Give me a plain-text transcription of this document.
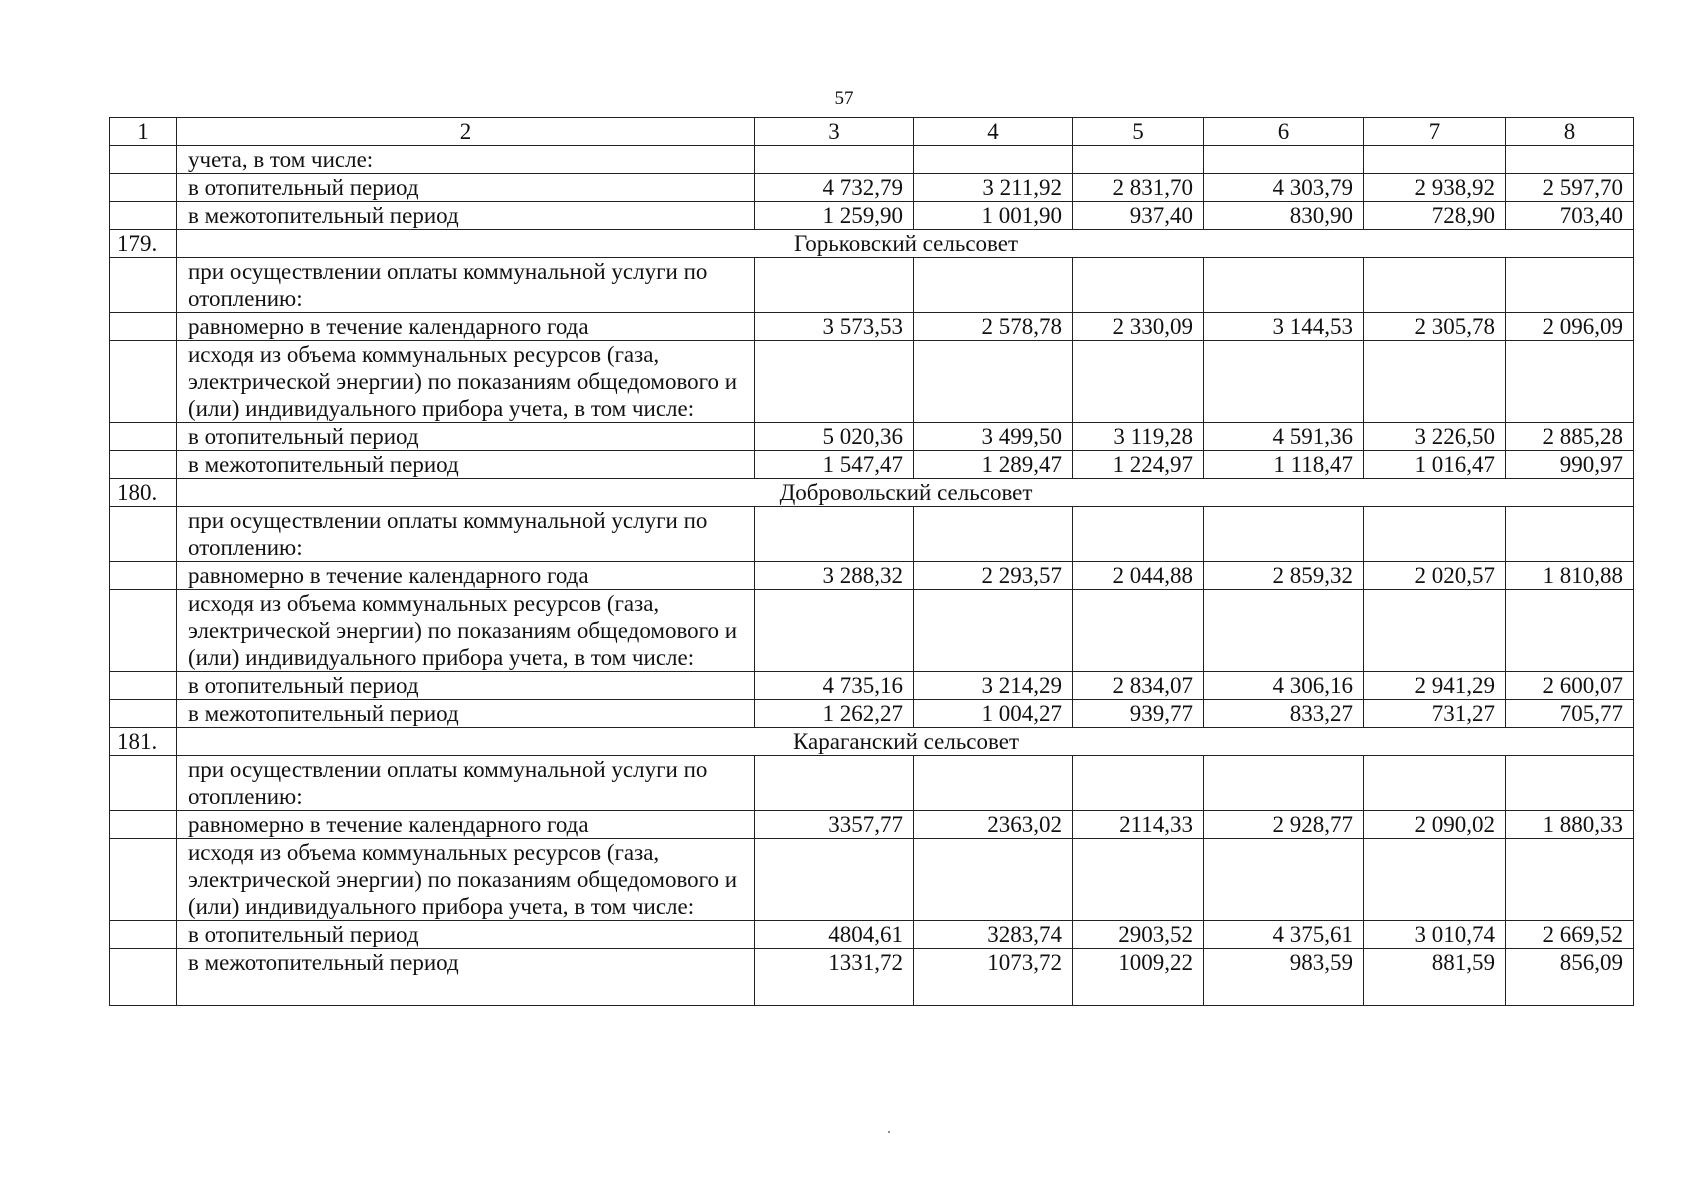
57
1	2	3	4	5	6	7	8
	учета, в том числе:						
	в отопительный период	4 732,79	3 211,92	2 831,70	4 303,79	2 938,92	2 597,70
	в межотопительный период	1 259,90	1 001,90	937,40	830,90	728,90	703,40
179.	Горьковский сельсовет						
	при осуществлении оплаты коммунальной услуги по отоплению:						
	равномерно в течение календарного года	3 573,53	2 578,78	2 330,09	3 144,53	2 305,78	2 096,09
	исходя из объема коммунальных ресурсов (газа, электрической энергии) по показаниям общедомового и (или) индивидуального прибора учета, в том числе:						
	в отопительный период	5 020,36	3 499,50	3 119,28	4 591,36	3 226,50	2 885,28
	в межотопительный период	1 547,47	1 289,47	1 224,97	1 118,47	1 016,47	990,97
180.	Добровольский сельсовет						
	при осуществлении оплаты коммунальной услуги по отоплению:						
	равномерно в течение календарного года	3 288,32	2 293,57	2 044,88	2 859,32	2 020,57	1 810,88
	исходя из объема коммунальных ресурсов (газа, электрической энергии) по показаниям общедомового и (или) индивидуального прибора учета, в том числе:						
	в отопительный период	4 735,16	3 214,29	2 834,07	4 306,16	2 941,29	2 600,07
	в межотопительный период	1 262,27	1 004,27	939,77	833,27	731,27	705,77
181.	Караганский сельсовет						
	при осуществлении оплаты коммунальной услуги по отоплению:						
	равномерно в течение календарного года	3357,77	2363,02	2114,33	2 928,77	2 090,02	1 880,33
	исходя из объема коммунальных ресурсов (газа, электрической энергии) по показаниям общедомового и (или) индивидуального прибора учета, в том числе:						
	в отопительный период	4804,61	3283,74	2903,52	4 375,61	3 010,74	2 669,52
	в межотопительный период	1331,72	1073,72	1009,22	983,59	881,59	856,09
